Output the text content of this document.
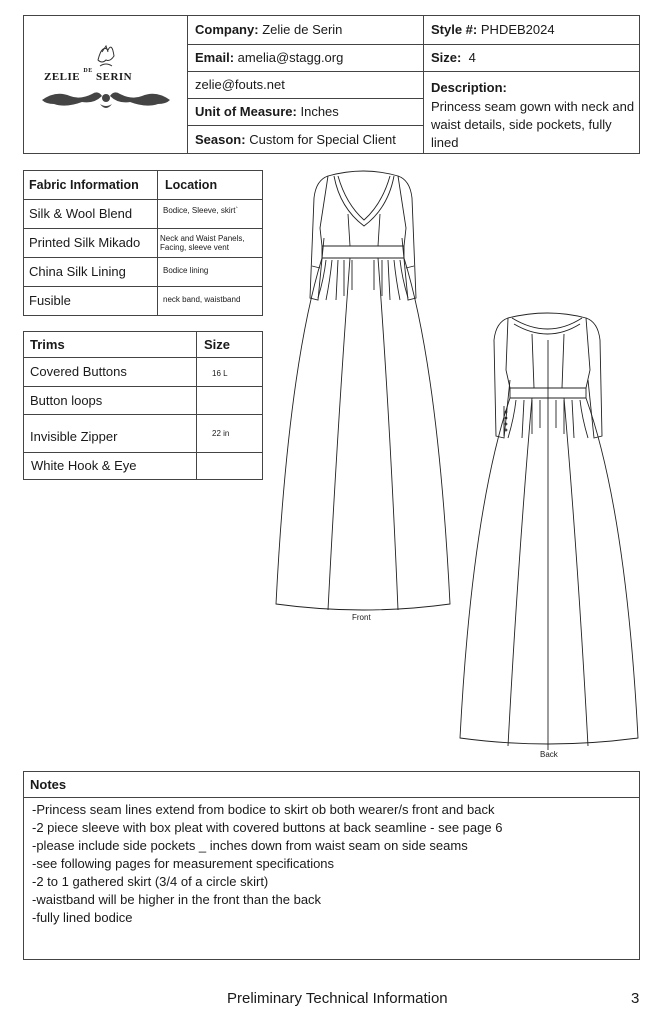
ZELIE $^{DE}$ SERIN
Company :
Zelie de Serin	Style # :
PHDEB2024
Email :
amelia@stagg.org	Size :
4
zelie@fouts.net
Unit of Measure :
Inches
Season :
Custom for Special Client
Description:
Princess seam gown with neck and waist details, side pockets, fully lined
Fabric Information	Location
Silk & Wool Blend	Bodice, Sleeve, skirt`
Printed Silk Mikado	Neck and Waist Panels, Facing, sleeve vent
China Silk Lining	Bodice lining
Fusible	neck band, waistband
Trims	Size
Covered Buttons	16 L
Button loops
Invisible Zipper	22 in
White Hook & Eye
Front
Back
Notes
-Princess seam lines extend from bodice to skirt ob both wearer/s front and back
-2 piece sleeve with box pleat with covered buttons at back seamline - see page 6
-please include side pockets _ inches down from waist seam on side seams
-see following pages for measurement specifications
-2 to 1 gathered skirt (3/4 of a circle skirt)
-waistband will be higher in the front than the back
-fully lined bodice
Preliminary Technical Information	3
